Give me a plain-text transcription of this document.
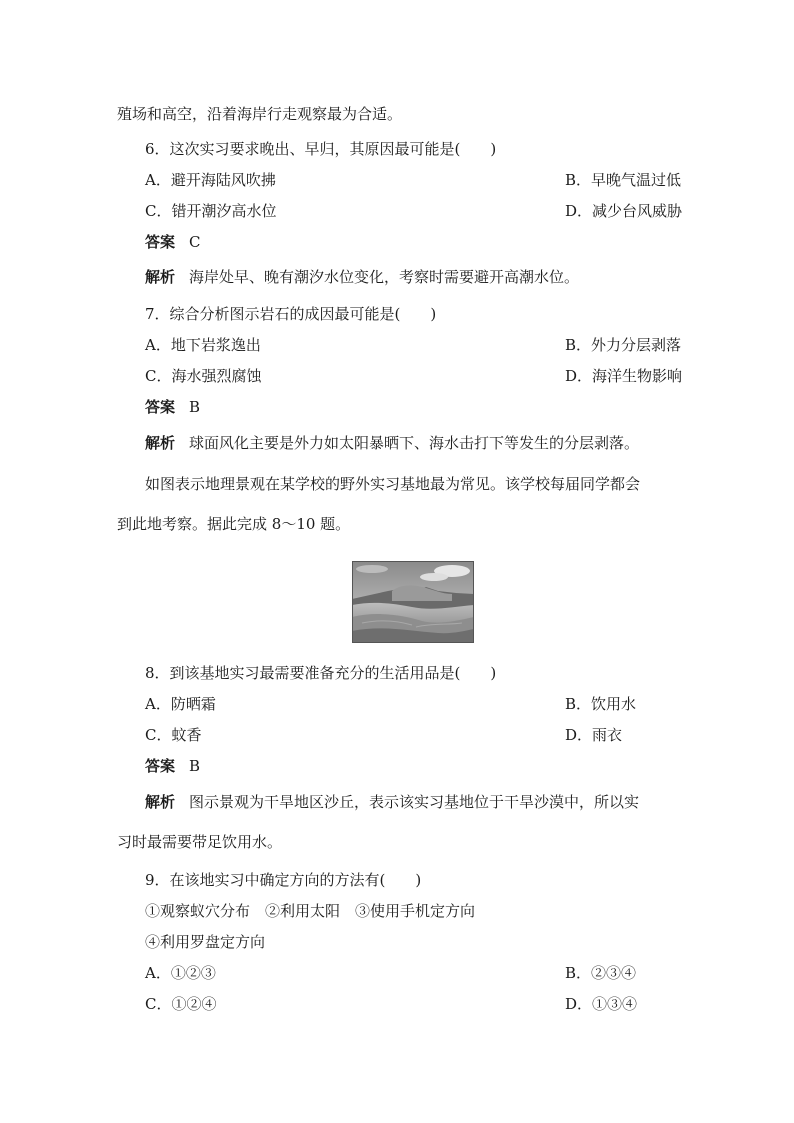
殖场和高空，沿着海岸行走观察最为合适。
6．这次实习要求晚出、早归，其原因最可能是(　　)
A．避开海陆风吹拂	B．早晚气温过低
C．错开潮汐高水位	D．减少台风威胁
答案 C
解析 海岸处早、晚有潮汐水位变化，考察时需要避开高潮水位。
7．综合分析图示岩石的成因最可能是(　　)
A．地下岩浆逸出	B．外力分层剥落
C．海水强烈腐蚀	D．海洋生物影响
答案 B
解析 球面风化主要是外力如太阳暴晒下、海水击打下等发生的分层剥落。
如图表示地理景观在某学校的野外实习基地最为常见。该学校每届同学都会
到此地考察。据此完成 8～10 题。
8．到该基地实习最需要准备充分的生活用品是(　　)
A．防晒霜	B．饮用水
C．蚊香	D．雨衣
答案 B
解析 图示景观为干旱地区沙丘，表示该实习基地位于干旱沙漠中，所以实
习时最需要带足饮用水。
9．在该地实习中确定方向的方法有(　　)
①观察蚁穴分布　②利用太阳　③使用手机定方向
④利用罗盘定方向
A．①②③	B．②③④
C．①②④	D．①③④
